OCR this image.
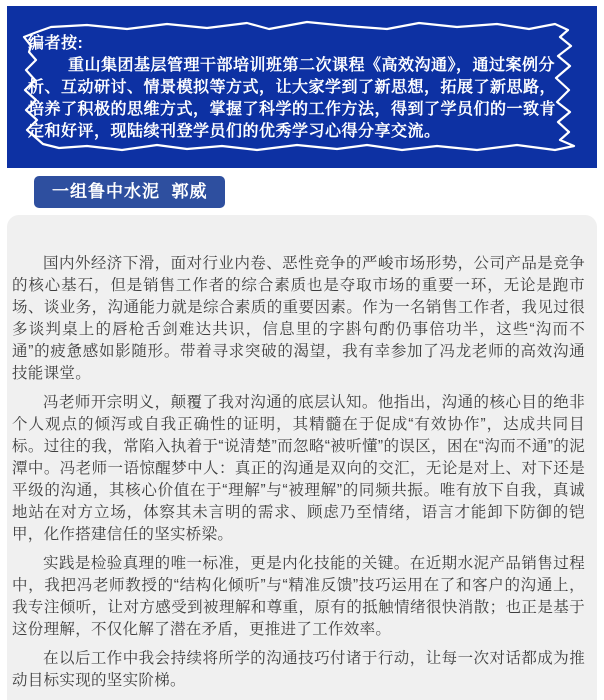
编者按:

重山集团基层管理干部培训班第二次课程《高效沟通》，通过案例分析、互动研讨、情景模拟等方式，让大家学到了新思想，拓展了新思路，培养了积极的思维方式，掌握了科学的工作方法，得到了学员们的一致肯定和好评，现陆续刊登学员们的优秀学习心得分享交流。

一组鲁中水泥  郭威

国内外经济下滑，面对行业内卷、恶性竞争的严峻市场形势，公司产品是竞争的核心基石，但是销售工作者的综合素质也是夺取市场的重要一环，无论是跑市场、谈业务，沟通能力就是综合素质的重要因素。作为一名销售工作者，我见过很多谈判桌上的唇枪舌剑难达共识，信息里的字斟句酌仍事倍功半，这些“沟而不通”的疲惫感如影随形。带着寻求突破的渴望，我有幸参加了冯龙老师的高效沟通技能课堂。

冯老师开宗明义，颠覆了我对沟通的底层认知。他指出，沟通的核心目的绝非个人观点的倾泻或自我正确性的证明，其精髓在于促成“有效协作”，达成共同目标。过往的我，常陷入执着于“说清楚”而忽略“被听懂”的误区，困在“沟而不通”的泥潭中。冯老师一语惊醒梦中人：真正的沟通是双向的交汇，无论是对上、对下还是平级的沟通，其核心价值在于“理解”与“被理解”的同频共振。唯有放下自我，真诚地站在对方立场，体察其未言明的需求、顾虑乃至情绪，语言才能卸下防御的铠甲，化作搭建信任的坚实桥梁。

实践是检验真理的唯一标准，更是内化技能的关键。在近期水泥产品销售过程中，我把冯老师教授的“结构化倾听”与“精准反馈”技巧运用在了和客户的沟通上，我专注倾听，让对方感受到被理解和尊重，原有的抵触情绪很快消散；也正是基于这份理解，不仅化解了潜在矛盾，更推进了工作效率。

在以后工作中我会持续将所学的沟通技巧付诸于行动，让每一次对话都成为推动目标实现的坚实阶梯。
